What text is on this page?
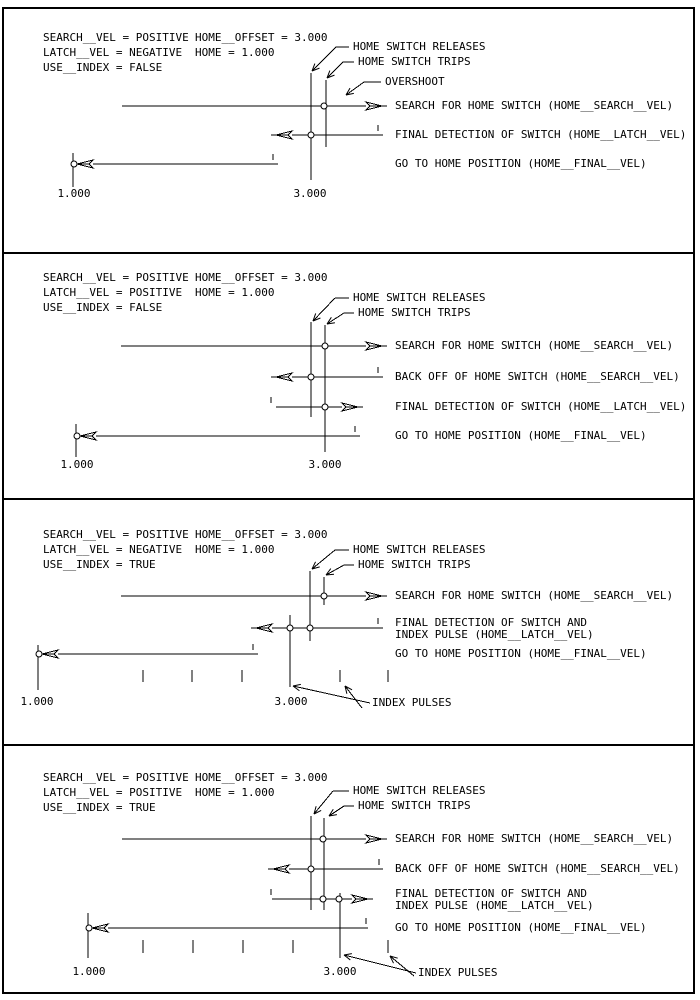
SEARCH__VEL = POSITIVE HOME__OFFSET = 3.000
LATCH__VEL = NEGATIVE HOME = 1.000
USE__INDEX = FALSE
3.000
1.000
SEARCH FOR HOME SWITCH (HOME__SEARCH__VEL)
FINAL DETECTION OF SWITCH (HOME__LATCH__VEL)
GO TO HOME POSITION (HOME__FINAL__VEL)
HOME SWITCH RELEASES
HOME SWITCH TRIPS
OVERSHOOT
SEARCH__VEL = POSITIVE HOME__OFFSET = 3.000
LATCH__VEL = POSITIVE HOME = 1.000
USE__INDEX = FALSE
3.000
1.000
SEARCH FOR HOME SWITCH (HOME__SEARCH__VEL)
BACK OFF OF HOME SWITCH (HOME__SEARCH__VEL)
FINAL DETECTION OF SWITCH (HOME__LATCH__VEL)
GO TO HOME POSITION (HOME__FINAL__VEL)
HOME SWITCH RELEASES
HOME SWITCH TRIPS
SEARCH__VEL = POSITIVE HOME__OFFSET = 3.000
LATCH__VEL = NEGATIVE HOME = 1.000
USE__INDEX = TRUE
3.000
1.000
SEARCH FOR HOME SWITCH (HOME__SEARCH__VEL)
FINAL DETECTION OF SWITCH AND
INDEX PULSE (HOME__LATCH__VEL)
GO TO HOME POSITION (HOME__FINAL__VEL)
HOME SWITCH RELEASES
HOME SWITCH TRIPS
INDEX PULSES
SEARCH__VEL = POSITIVE HOME__OFFSET = 3.000
LATCH__VEL = POSITIVE HOME = 1.000
USE__INDEX = TRUE
3.000
1.000
SEARCH FOR HOME SWITCH (HOME__SEARCH__VEL)
BACK OFF OF HOME SWITCH (HOME__SEARCH__VEL)
FINAL DETECTION OF SWITCH AND
INDEX PULSE (HOME__LATCH__VEL)
GO TO HOME POSITION (HOME__FINAL__VEL)
HOME SWITCH RELEASES
HOME SWITCH TRIPS
INDEX PULSES
